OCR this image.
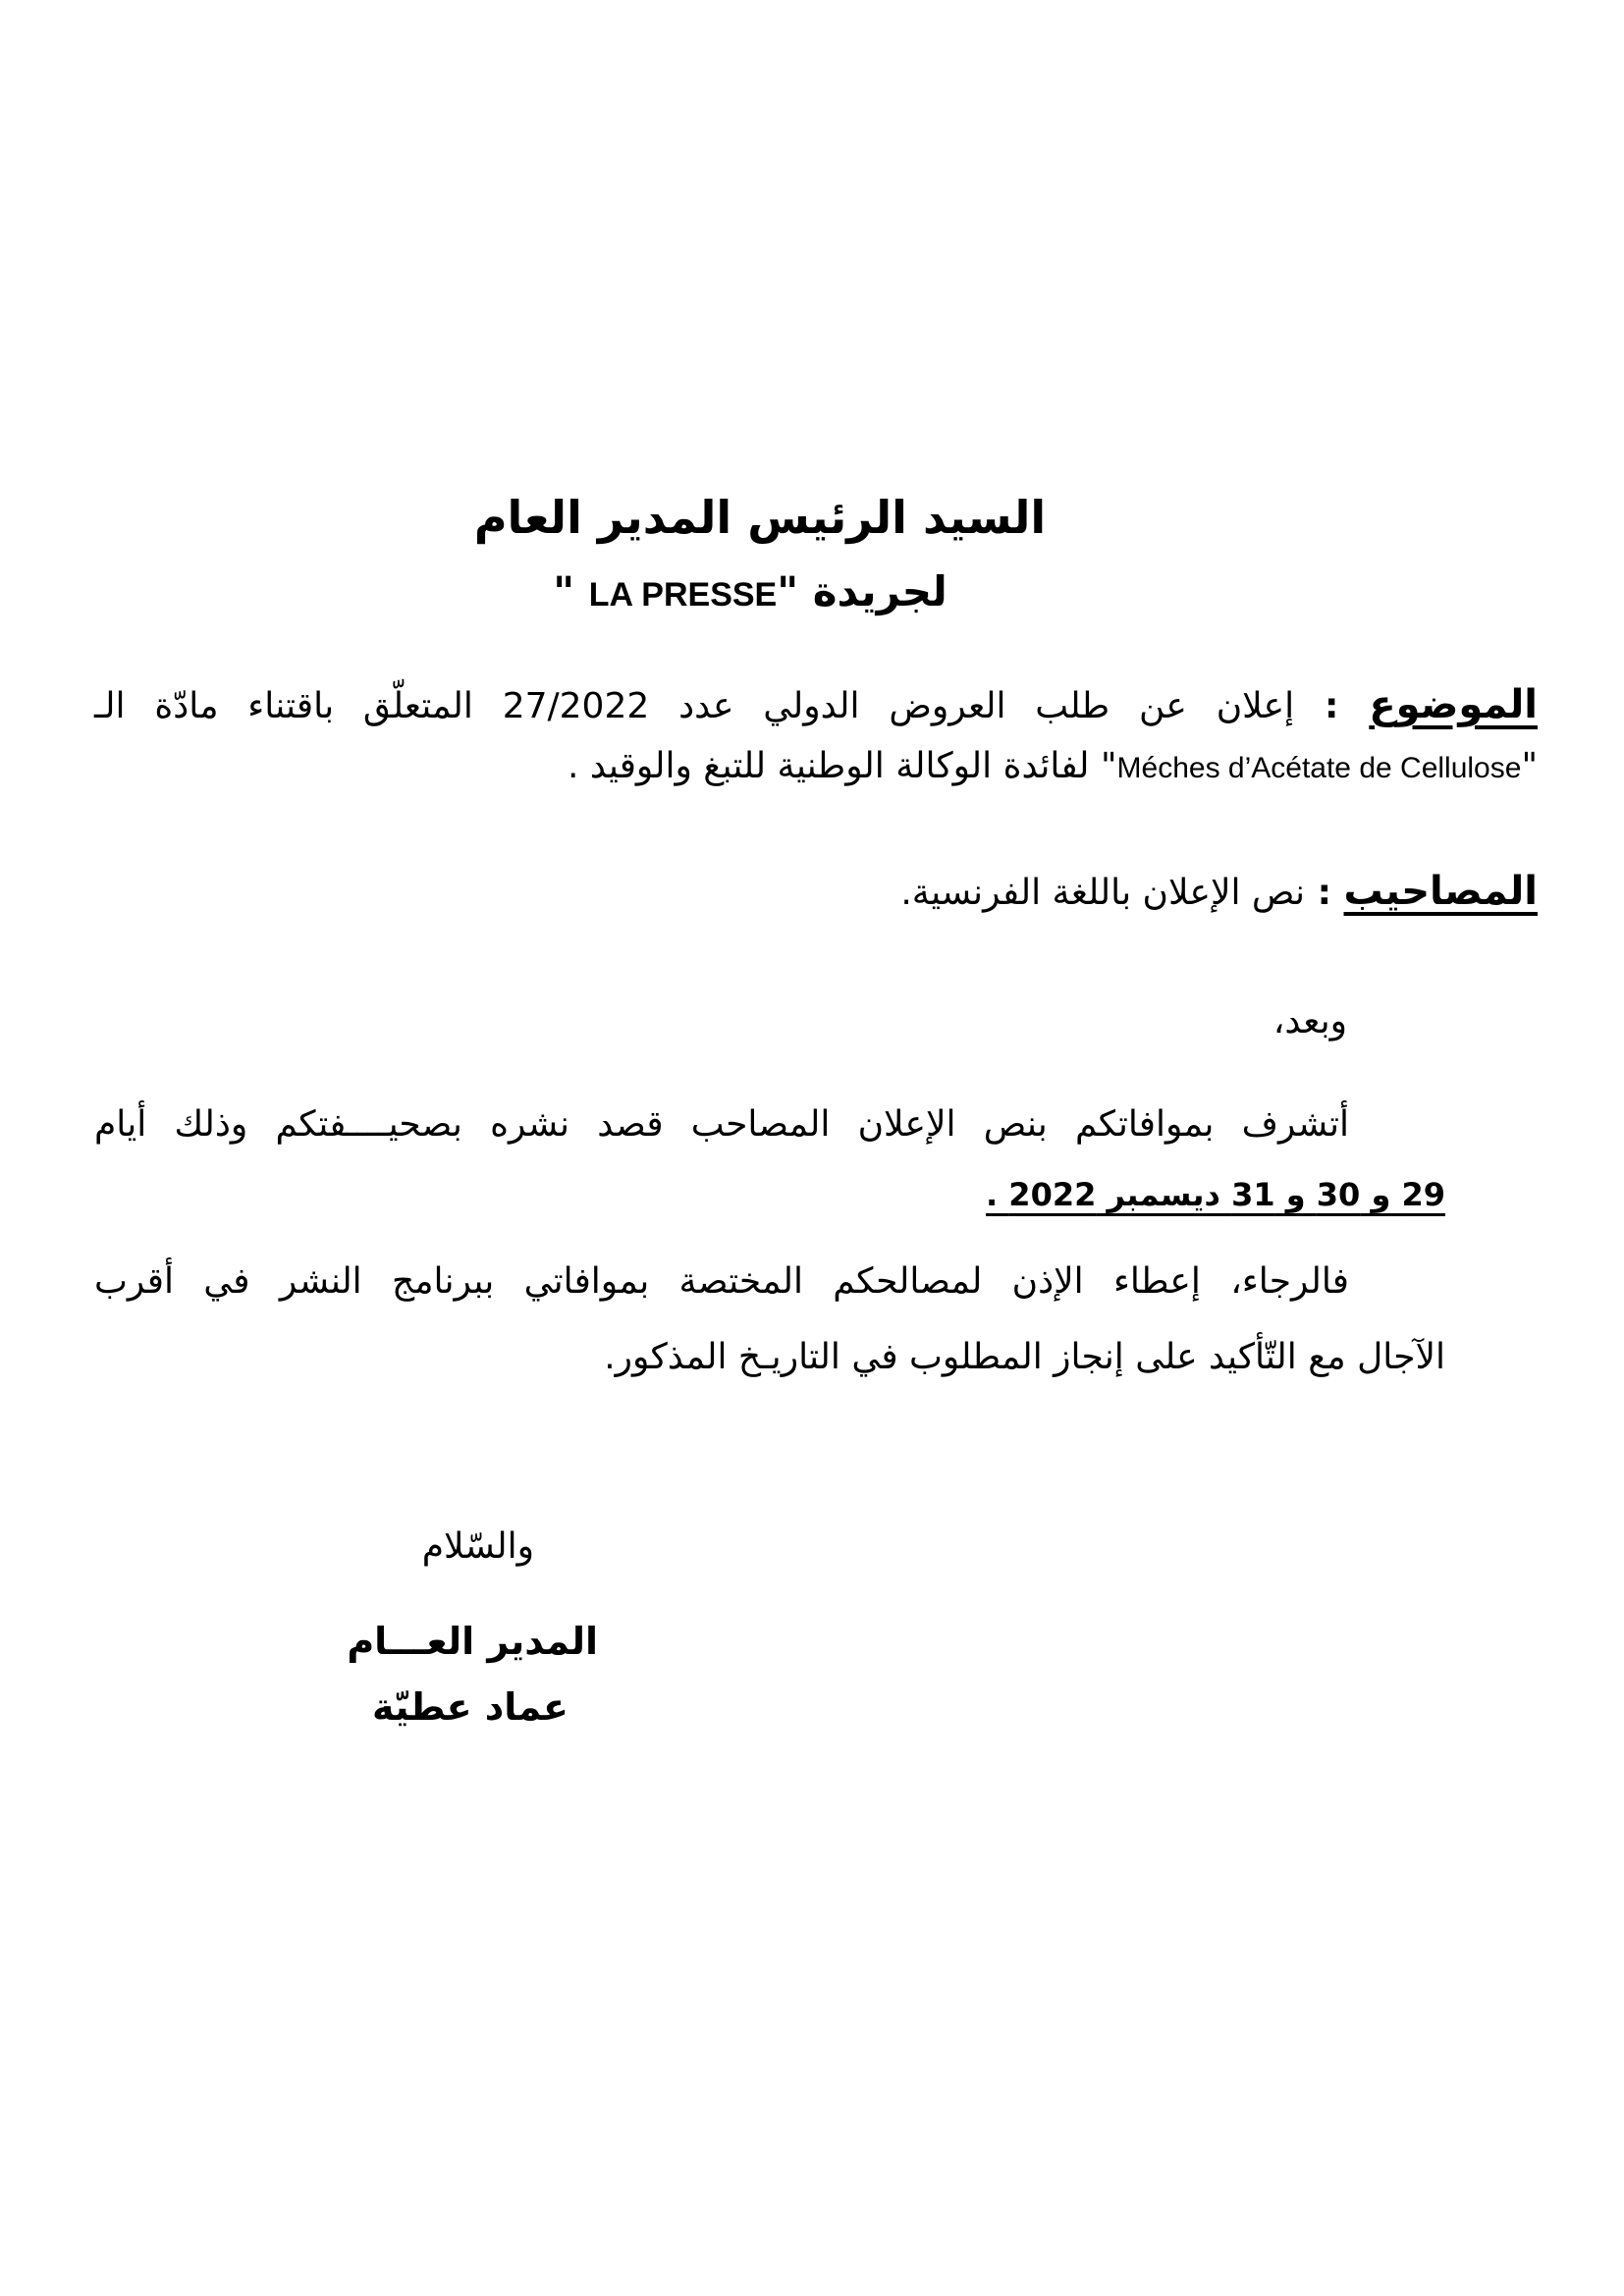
السيد الرئيس المدير العام
لجريدة "LA PRESSE "
الموضوع : إعلان عن طلب العروض الدولي عدد 27/2022 المتعلّق باقتناء مادّة الـ
"Méches d’Acétate de Cellulose" لفائدة الوكالة الوطنية للتبغ والوقيد .
المصاحيب : نص الإعلان باللغة الفرنسية.
وبعد،
أتشرف بموافاتكم بنص الإعلان المصاحب قصد نشره بصحيــــفتكم وذلك أيام
29 و 30 و 31 ديسمبر 2022 .
فالرجاء، إعطاء الإذن لمصالحكم المختصة بموافاتي ببرنامج النشر في أقرب
الآجال مع التّأكيد على إنجاز المطلوب في التاريـخ المذكور.
والسّلام
المدير العـــام
عماد عطيّة
